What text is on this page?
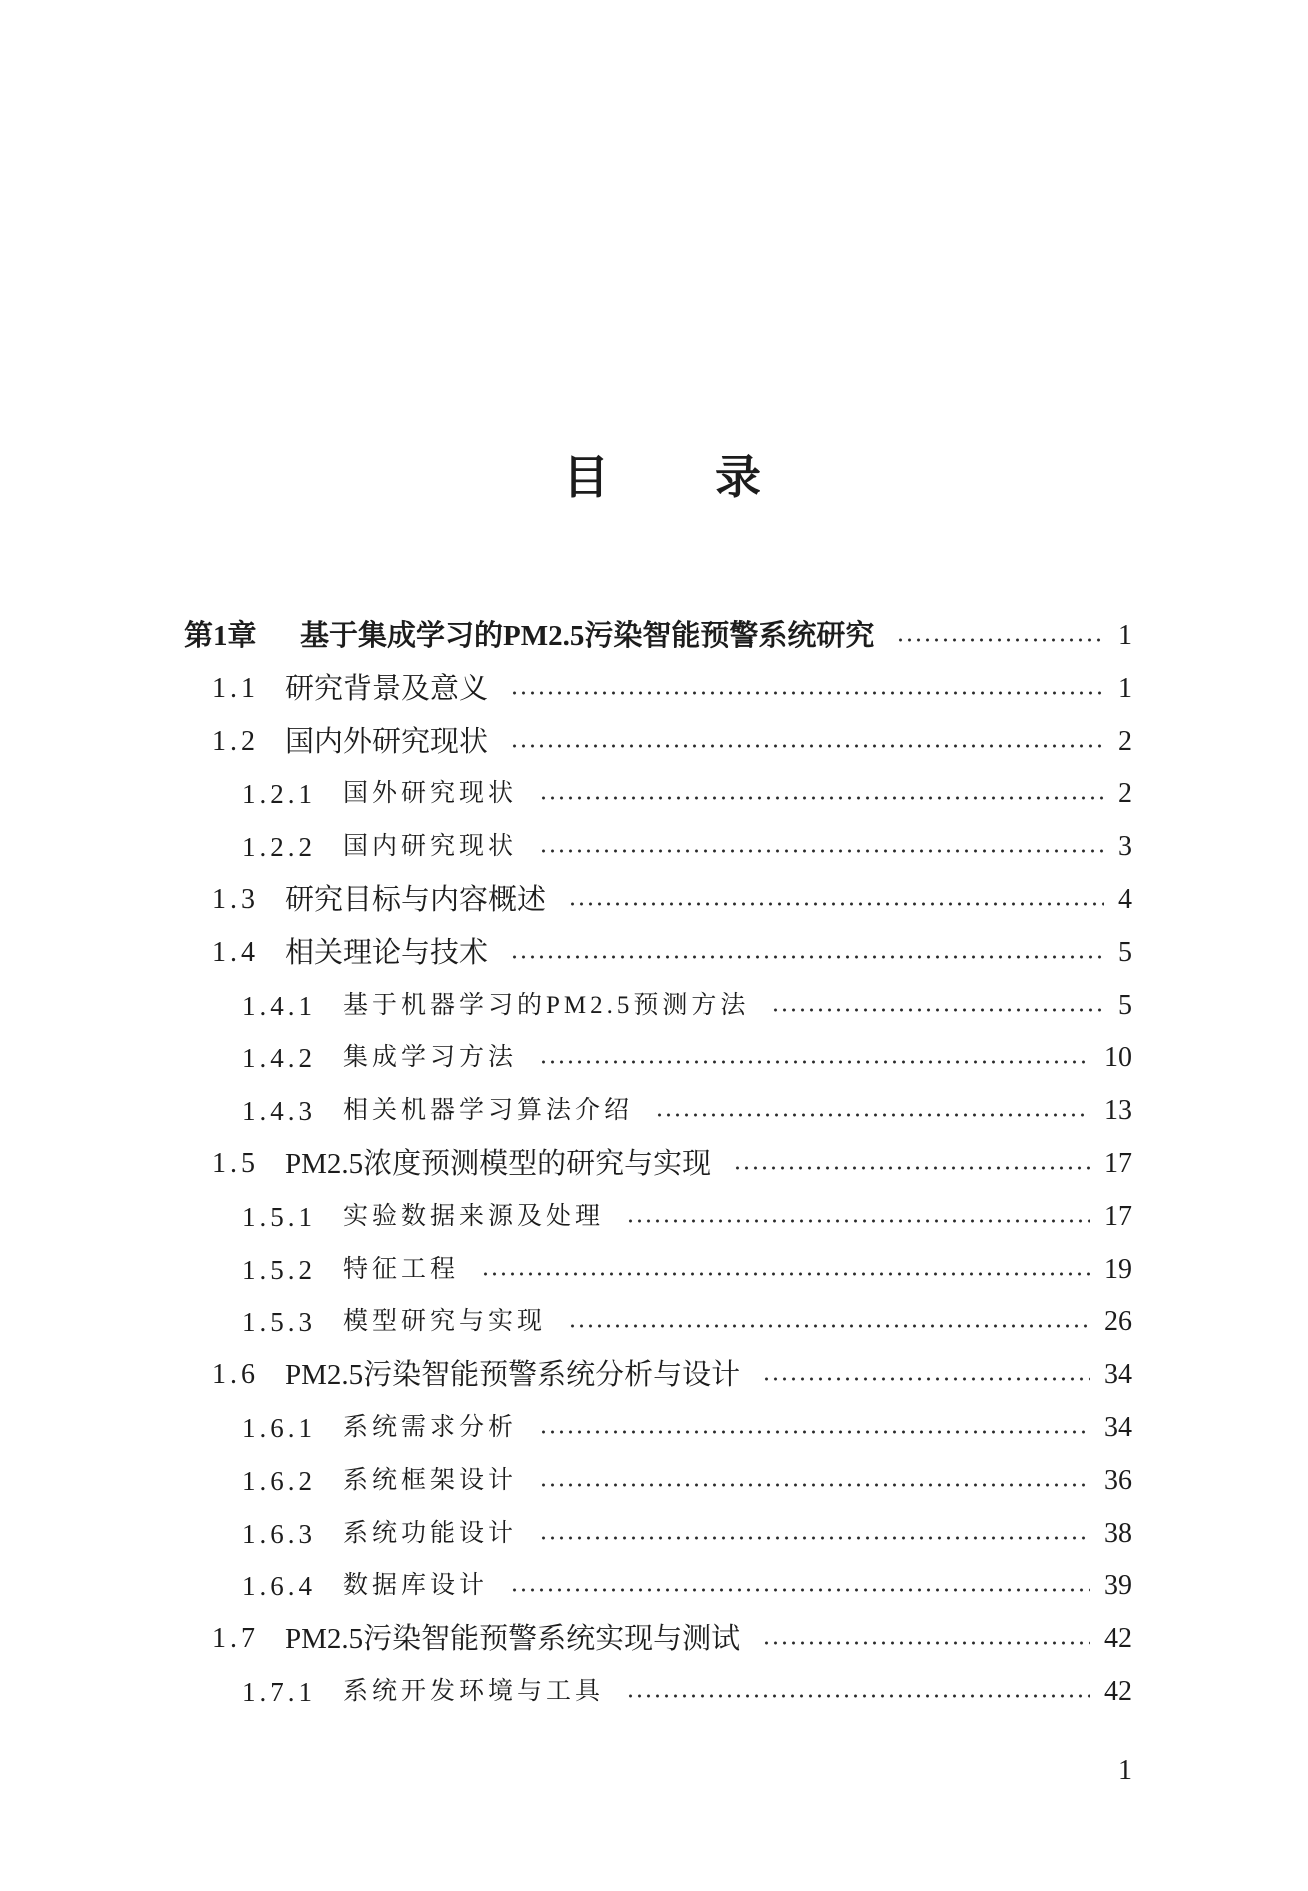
目录
第1章	基于集成学习的PM2.5污染智能预警系统研究	1
1.1 研究背景及意义	1
1.2 国内外研究现状	2
1.2.1	国外研究现状	2
1.2.2	国内研究现状	3
1.3 研究目标与内容概述	4
1.4 相关理论与技术	5
1.4.1	基于机器学习的PM2.5预测方法	5
1.4.2	集成学习方法	10
1.4.3	相关机器学习算法介绍	13
1.5 PM2.5浓度预测模型的研究与实现	17
1.5.1	实验数据来源及处理	17
1.5.2	特征工程	19
1.5.3	模型研究与实现	26
1.6 PM2.5污染智能预警系统分析与设计	34
1.6.1	系统需求分析	34
1.6.2	系统框架设计	36
1.6.3	系统功能设计	38
1.6.4	数据库设计	39
1.7 PM2.5污染智能预警系统实现与测试	42
1.7.1	系统开发环境与工具	42
1
